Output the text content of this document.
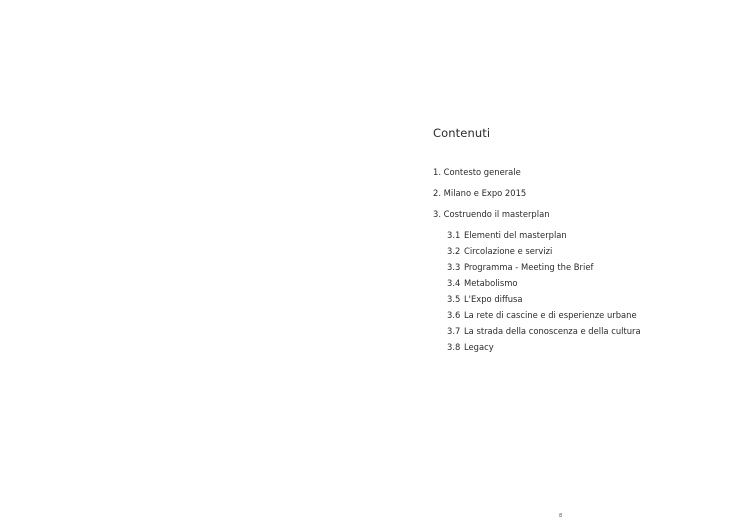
Contenuti
1. Contesto generale
2. Milano e Expo 2015
3. Costruendo il masterplan
3.1 Elementi del masterplan
3.2 Circolazione e servizi
3.3 Programma - Meeting the Brief
3.4 Metabolismo
3.5 L'Expo diffusa
3.6 La rete di cascine e di esperienze urbane
3.7 La strada della conoscenza e della cultura
3.8 Legacy
8
